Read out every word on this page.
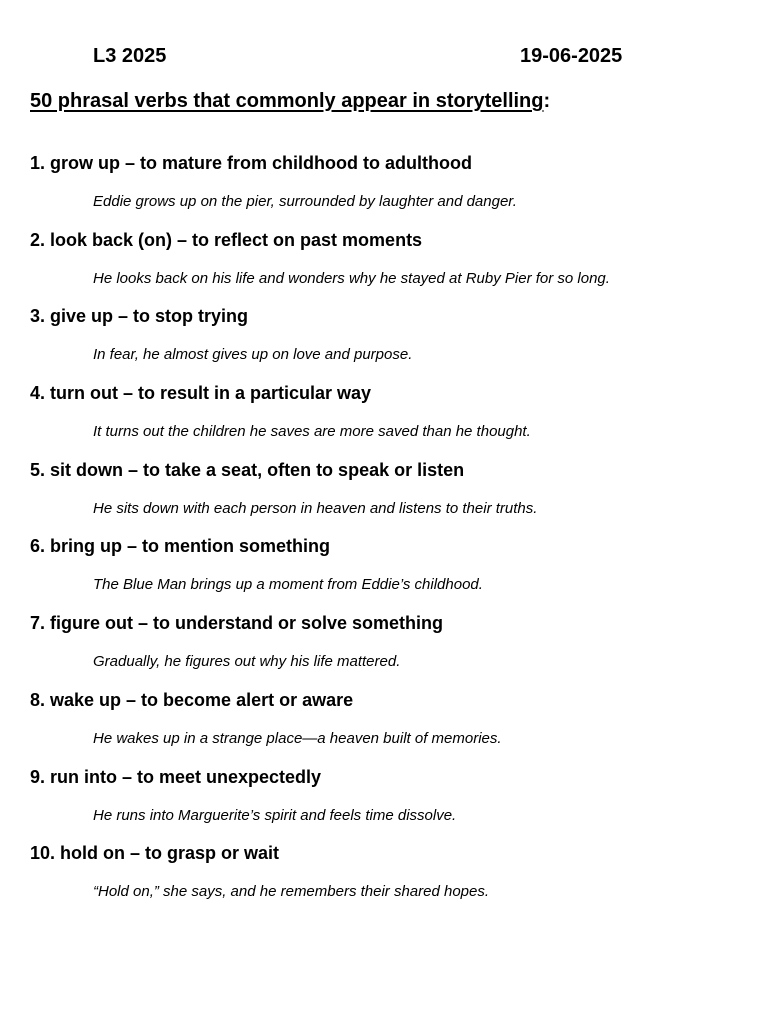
L3 2025	19-06-2025
50 phrasal verbs that commonly appear in storytelling:
1. grow up – to mature from childhood to adulthood
Eddie grows up on the pier, surrounded by laughter and danger.
2. look back (on) – to reflect on past moments
He looks back on his life and wonders why he stayed at Ruby Pier for so long.
3. give up – to stop trying
In fear, he almost gives up on love and purpose.
4. turn out – to result in a particular way
It turns out the children he saves are more saved than he thought.
5. sit down – to take a seat, often to speak or listen
He sits down with each person in heaven and listens to their truths.
6. bring up – to mention something
The Blue Man brings up a moment from Eddie’s childhood.
7. figure out – to understand or solve something
Gradually, he figures out why his life mattered.
8. wake up – to become alert or aware
He wakes up in a strange place—a heaven built of memories.
9. run into – to meet unexpectedly
He runs into Marguerite’s spirit and feels time dissolve.
10. hold on – to grasp or wait
“Hold on,” she says, and he remembers their shared hopes.
